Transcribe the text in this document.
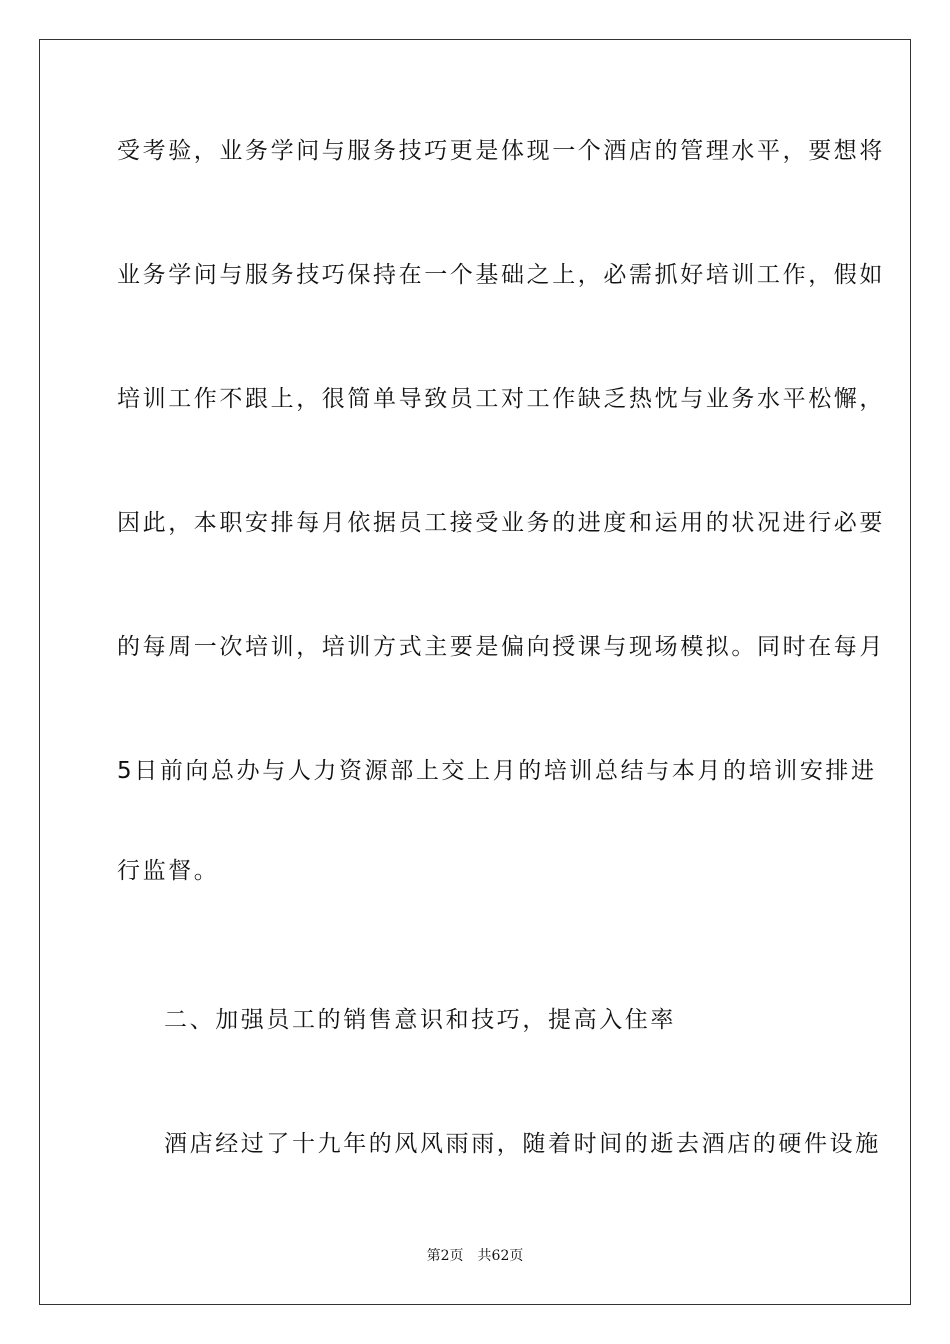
受考验，业务学问与服务技巧更是体现一个酒店的管理水平，要想将
业务学问与服务技巧保持在一个基础之上，必需抓好培训工作，假如
培训工作不跟上，很简单导致员工对工作缺乏热忱与业务水平松懈，
因此，本职安排每月依据员工接受业务的进度和运用的状况进行必要
的每周一次培训，培训方式主要是偏向授课与现场模拟。同时在每月
5日前向总办与人力资源部上交上月的培训总结与本月的培训安排进
行监督。
二、加强员工的销售意识和技巧，提高入住率
酒店经过了十九年的风风雨雨，随着时间的逝去酒店的硬件设施
第2页 共62页
